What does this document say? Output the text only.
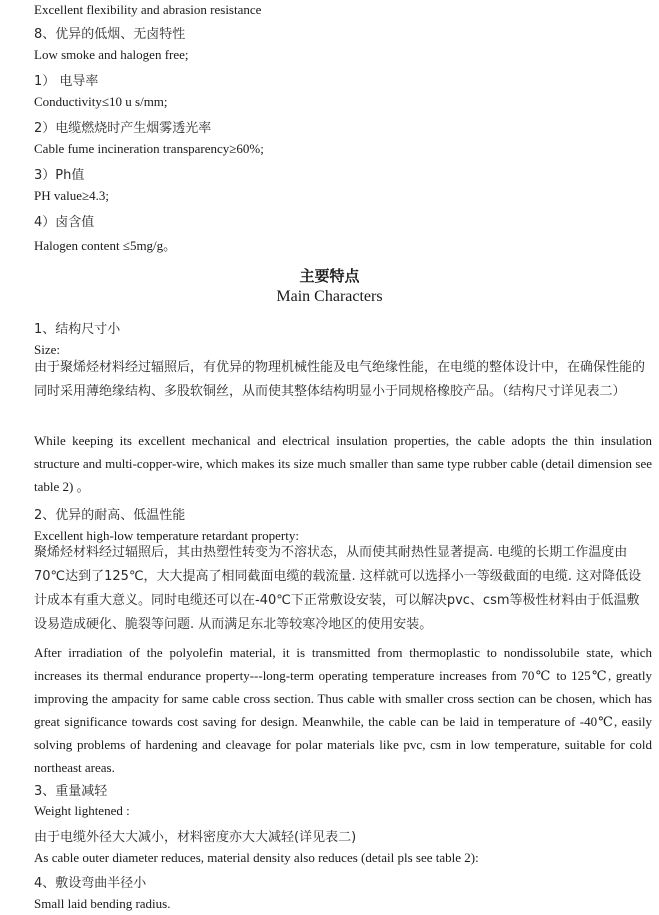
Excellent flexibility and abrasion resistance
8、优异的低烟、无卤特性
Low smoke and halogen free;
1） 电导率
Conductivity≤10 u s/mm;
2）电缆燃烧时产生烟雾透光率
Cable fume incineration transparency≥60%;
3）Ph值
PH value≥4.3;
4）卤含值
Halogen content ≤5mg/g。
主要特点
Main Characters
1、结构尺寸小
Size:

由于聚烯烃材料经过辐照后，有优异的物理机械性能及电气绝缘性能，在电缆的整体设计中，在确保性能的同时采用薄绝缘结构、多股软铜丝，从而使其整体结构明显小于同规格橡胶产品。（结构尺寸详见表二）

While keeping its excellent mechanical and electrical insulation properties, the cable adopts the thin insulation structure and multi-copper-wire, which makes its size much smaller than same type rubber cable (detail dimension see table 2) 。

2、优异的耐高、低温性能
Excellent high-low temperature retardant property:

聚烯烃材料经过辐照后，其由热塑性转变为不溶状态，从而使其耐热性显著提高. 电缆的长期工作温度由70℃达到了125℃，大大提高了相同截面电缆的载流量. 这样就可以选择小一等级截面的电缆. 这对降低设计成本有重大意义。同时电缆还可以在-40℃下正常敷设安装，可以解决pvc、csm等极性材料由于低温敷设易造成硬化、脆裂等问题. 从而满足东北等较寒冷地区的使用安装。

After irradiation of the polyolefin material, it is transmitted from thermoplastic to nondissolubile state, which increases its thermal endurance property---long-term operating temperature increases from 70℃ to 125℃, greatly improving the ampacity for same cable cross section. Thus cable with smaller cross section can be chosen, which has great significance towards cost saving for design. Meanwhile, the cable can be laid in temperature of -40℃, easily solving problems of hardening and cleavage for polar materials like pvc, csm in low temperature, suitable for cold northeast areas.

3、重量减轻
Weight lightened :
由于电缆外径大大减小，材料密度亦大大减轻(详见表二)
As cable outer diameter reduces, material density also reduces (detail pls see table 2):
4、敷设弯曲半径小
Small laid bending radius.
